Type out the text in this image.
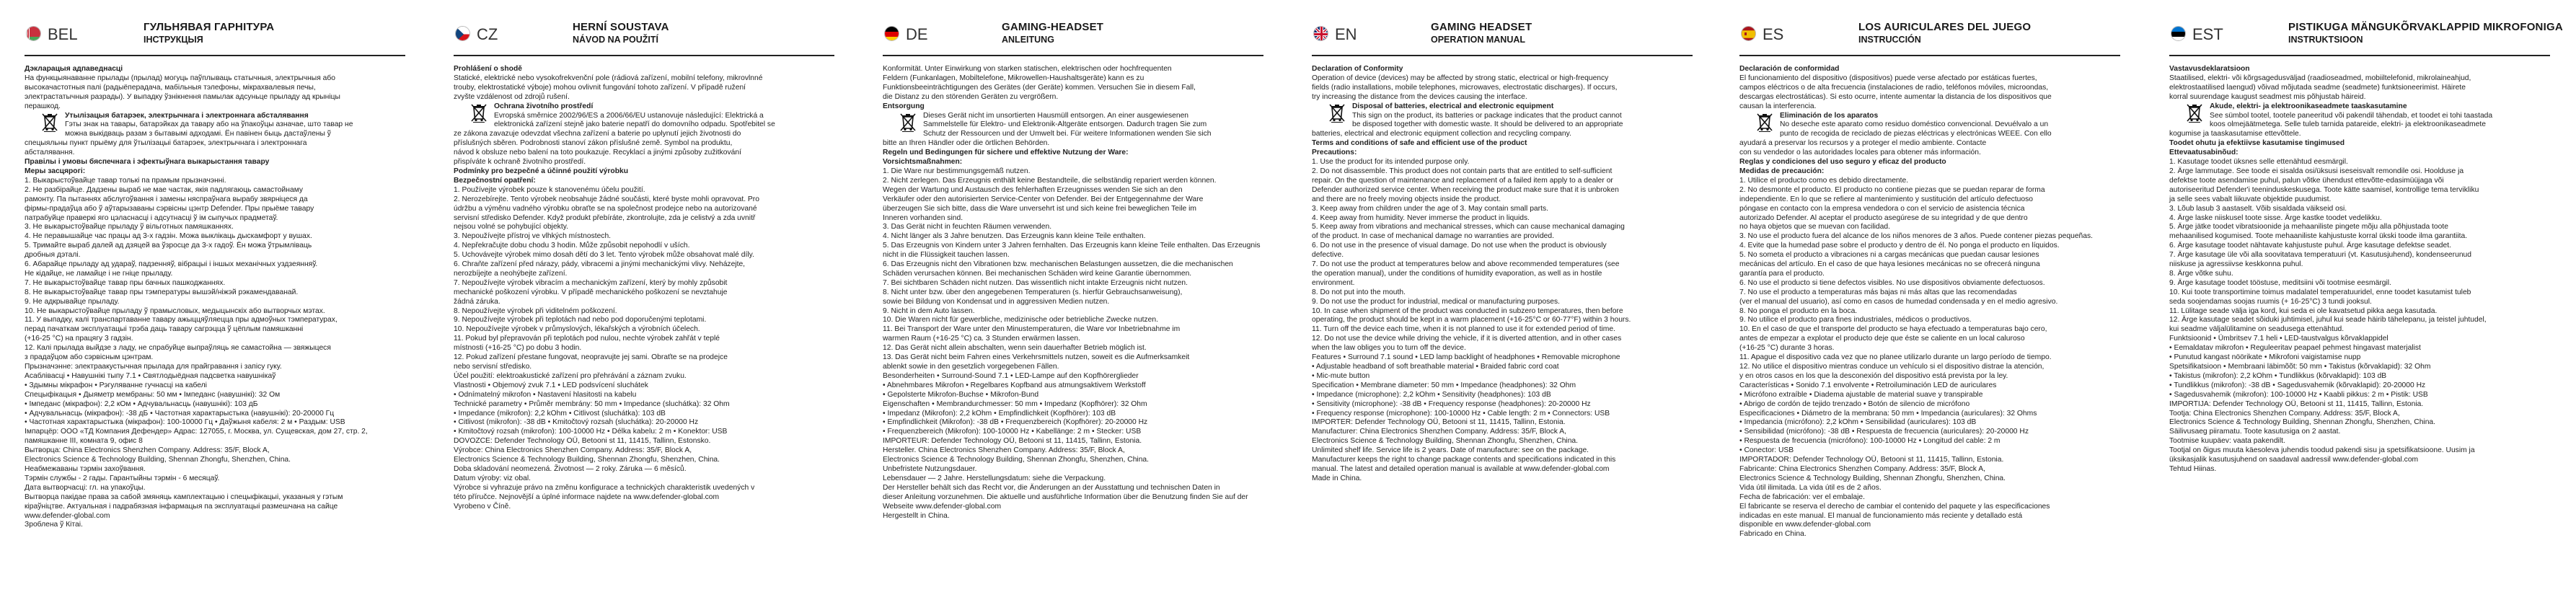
BEL	ГУЛЬНЯВАЯ ГАРНІТУРА
ІНСТРУКЦЫЯ
Дэкларацыя адпаведнасці
На функцыянаванне прылады (прылад) могуць паўплываць статычныя, электрычныя або
высокачастотныя палі (радыёперадача, мабільныя тэлефоны, мікрахвалевыя печы,
электрастатычныя разрады). У выпадку ўзнікнення памылак адсуньце прыладу ад крыніцы
перашкод.
Утылізацыя батарэек, электрычнага і электроннага абсталявання
Гэты знак на тавары, батарэйках да тавару або на ўпакоўцы азначае, што тавар не
можна выкідваць разам з бытавымі адходамі. Ён павінен быць дастаўлены ў
спецыяльны пункт прыёму для ўтылізацыі батарэек, электрычнага і электроннага
абсталявання.
Правілы і умовы бяспечнага і эфектыўнага выкарыстання тавару
Меры засцярогі:
1. Выкарыстоўвайце тавар толькі па прамым прызначэнні.
2. Не разбірайце. Дадзены выраб не мае частак, якія падлягаюць самастойнаму
рамонту. Па пытаннях абслугоўвання і замены няспраўнага вырабу звярніцеся да
фірмы-прадаўца або ў аўтарызаваны сэрвісны цэнтр Defender. Пры прыёме тавару
патрабуйце праверкі яго цэласнасці і адсутнасці ў ім сыпучых прадметаў.
3. Не выкарыстоўвайце прыладу ў вільготных памяшканнях.
4. Не перавышайце час працы ад 3-х гадзін. Можа выклікаць дыскамфорт у вушах.
5. Тримайте выраб далей ад дзяцей ва ўзросце да 3-х гадоў. Ён можа ўтрымліваць
дробныя дэталі.
6. Абарайце прыладу ад удараў, падзенняў, вібрацыі і іншых механічных уздзеянняў.
Не кідайце, не ламайце і не гніце прыладу.
7. Не выкарыстоўвайце тавар пры бачных пашкоджаннях.
8. Не выкарыстоўвайце тавар пры тэмпературы вышэй/ніжэй рэкамендаванай.
9. Не адкрывайце прыладу.
10. Не выкарыстоўвайце прыладу ў прамысловых, медыцынскіх або вытворчых мэтах.
11. У выпадку, калі транспартаванне тавару ажыццяўляецца пры адмоўных тэмпературах,
перад пачаткам эксплуатацыі трэба даць тавару сагрэцца ў цёплым памяшканні
(+16-25 °C) на працягу 3 гадзін.
12. Калі прылада выйдзе з ладу, не спрабуйце выпраўляць яе самастойна — звяжыцеся
з прадаўцом або сэрвісным цэнтрам.
Прызначэнне: электраакустычная прылада для прайгравання і запісу гуку.
Асаблівасці • Навушнікі тыпу 7.1 • Святлодыёдная падсветка навушнікаў
• Здымны мікрафон • Рэгуляванне гучнасці на кабелі
Спецыфікацыя • Дыяметр мембраны: 50 мм • Імпеданс (навушнікі): 32 Ом
• Імпеданс (мікрафон): 2,2 кОм • Адчувальнасць (навушнікі): 103 дБ
• Адчувальнасць (мікрафон): -38 дБ • Частотная характарыстыка (навушнікі): 20-20000 Гц
• Частотная характарыстыка (мікрафон): 100-10000 Гц • Даўжыня кабеля: 2 м • Раздым: USB
Імпарцёр: ООО «ТД Компания Дефендер» Адрас: 127055, г. Москва, ул. Сущевская, дом 27, стр. 2,
памяшканне III, комната 9, офис 8
Вытворца: China Electronics Shenzhen Company. Address: 35/F, Block A,
Electronics Science & Technology Building, Shennan Zhongfu, Shenzhen, China.
Неабмежаваны тэрмін захоўвання.
Тэрмін службы - 2 гады. Гарантыйны тэрмін - 6 месяцаў.
Дата вытворчасці: гл. на упакоўцы.
Вытворца пакідае права за сабой змяняць камплектацыю і спецыфікацыі, указаныя у гэтым
кіраўніцтве. Актуальная і падрабязная інфармацыя па эксплуатацыі размешчана на сайце
www.defender-global.com
Зроблена ў Кітаі.
CZ	HERNÍ SOUSTAVA
NÁVOD NA POUŽITÍ
Prohlášení o shodě
Statické, elektrické nebo vysokofrekvenční pole (rádiová zařízení, mobilní telefony, mikrovlnné
trouby, elektrostatické výboje) mohou ovlivnit fungování tohoto zařízení. V případě ružení
zvyšte vzdálenost od zdrojů rušení.
Ochrana životního prostředí
Evropská směrnice 2002/96/ES a 2006/66/EU ustanovuje následující: Elektrická a
elektronická zařízení stejně jako baterie nepatří do domovního odpadu. Spotřebitel se
ze zákona zavazuje odevzdat všechna zařízení a baterie po uplynutí jejich životnosti do
příslušných sběren. Podrobnosti stanoví zákon příslušné země. Symbol na produktu,
návod k obsluze nebo balení na toto poukazuje. Recyklací a jinými způsoby zužitkování
přispíváte k ochraně životního prostředí.
Podmínky pro bezpečné a účinné použití výrobku
Bezpečnostní opatření:
1. Používejte výrobek pouze k stanovenému účelu použití.
2. Nerozebírejte. Tento výrobek neobsahuje žádné součásti, které byste mohli opravovat. Pro
údržbu a výměnu vadného výrobku obraťte se na společnost prodejce nebo na autorizované
servisní středisko Defender. Když produkt přebíráte, zkontrolujte, zda je celistvý a zda uvnitř
nejsou volné se pohybující objekty.
3. Nepoužívejte přístroj ve vlhkých místnostech.
4. Nepřekračujte dobu chodu 3 hodin. Může způsobit nepohodlí v uších.
5. Uchovávejte výrobek mimo dosah dětí do 3 let. Tento výrobek může obsahovat malé díly.
6. Chraňte zařízení před nárazy, pády, vibracemi a jinými mechanickými vlivy. Neházejte,
nerozbíjejte a neohýbejte zařízení.
7. Nepoužívejte výrobek vibracím a mechanickým zařízení, který by mohly způsobit
mechanické poškození výrobku. V případě mechanického poškození se nevztahuje
žádná záruka.
8. Nepoužívejte výrobek při viditelném poškození.
9. Nepoužívejte výrobek při teplotách nad nebo pod doporučenými teplotami.
10. Nepoužívejte výrobek v průmyslových, lékařských a výrobních účelech.
11. Pokud byl přepravován při teplotách pod nulou, nechte výrobek zahřát v teplé
místnosti (+16-25 °C) po dobu 3 hodin.
12. Pokud zařízení přestane fungovat, neopravujte jej sami. Obraťte se na prodejce
nebo servisní středisko.
Účel použití: elektroakustické zařízení pro přehrávání a záznam zvuku.
Vlastnosti • Objemový zvuk 7.1 • LED podsvícení sluchátek
• Odnímatelný mikrofon • Nastavení hlasitosti na kabelu
Technické parametry • Průměr membrány: 50 mm • Impedance (sluchátka): 32 Ohm
• Impedance (mikrofon): 2,2 kOhm • Citlivost (sluchátka): 103 dB
• Citlivost (mikrofon): -38 dB • Kmitočtový rozsah (sluchátka): 20-20000 Hz
• Kmitočtový rozsah (mikrofon): 100-10000 Hz • Délka kabelu: 2 m • Konektor: USB
DOVOZCE: Defender Technology OÜ, Betooni st 11, 11415, Tallinn, Estonsko.
Výrobce: China Electronics Shenzhen Company. Address: 35/F, Block A,
Electronics Science & Technology Building, Shennan Zhongfu, Shenzhen, China.
Doba skladování neomezená. Životnost — 2 roky. Záruka — 6 měsíců.
Datum výroby: viz obal.
Výrobce si vyhrazuje právo na změnu konfigurace a technických charakteristik uvedených v
této příručce. Nejnovější a úplné informace najdete na www.defender-global.com
Vyrobeno v Číně.
DE	GAMING-HEADSET
ANLEITUNG
Konformität. Unter Einwirkung von starken statischen, elektrischen oder hochfrequenten
Feldern (Funkanlagen, Mobiltelefone, Mikrowellen-Haushaltsgeräte) kann es zu
Funktionsbeeinträchtigungen des Gerätes (der Geräte) kommen. Versuchen Sie in diesem Fall,
die Distanz zu den störenden Geräten zu vergrößern.
Entsorgung
Dieses Gerät nicht im unsortierten Hausmüll entsorgen. An einer ausgewiesenen
Sammelstelle für Elektro- und Elektronik-Altgeräte entsorgen. Dadurch tragen Sie zum
Schutz der Ressourcen und der Umwelt bei. Für weitere Informationen wenden Sie sich
bitte an Ihren Händler oder die örtlichen Behörden.
Regeln und Bedingungen für sichere und effektive Nutzung der Ware:
Vorsichtsmaßnahmen:
1. Die Ware nur bestimmungsgemäß nutzen.
2. Nicht zerlegen. Das Erzeugnis enthält keine Bestandteile, die selbständig repariert werden können.
Wegen der Wartung und Austausch des fehlerhaften Erzeugnisses wenden Sie sich an den
Verkäufer oder den autorisierten Service-Center von Defender. Bei der Entgegennahme der Ware
überzeugen Sie sich bitte, dass die Ware unversehrt ist und sich keine frei beweglichen Teile im
Inneren vorhanden sind.
3. Das Gerät nicht in feuchten Räumen verwenden.
4. Nicht länger als 3 Jahre benutzen. Das Erzeugnis kann kleine Teile enthalten.
5. Das Erzeugnis von Kindern unter 3 Jahren fernhalten. Das Erzeugnis kann kleine Teile enthalten. Das Erzeugnis
nicht in die Flüssigkeit tauchen lassen.
6. Das Erzeugnis nicht den Vibrationen bzw. mechanischen Belastungen aussetzen, die die mechanischen
Schäden verursachen können. Bei mechanischen Schäden wird keine Garantie übernommen.
7. Bei sichtbaren Schäden nicht nutzen. Das wissentlich nicht intakte Erzeugnis nicht nutzen.
8. Nicht unter bzw. über den angegebenen Temperaturen (s. hierfür Gebrauchsanweisung),
sowie bei Bildung von Kondensat und in aggressiven Medien nutzen.
9. Nicht in dem Auto lassen.
10. Die Waren nicht für gewerbliche, medizinische oder betriebliche Zwecke nutzen.
11. Bei Transport der Ware unter den Minustemperaturen, die Ware vor Inbetriebnahme im
warmen Raum (+16-25 °C) ca. 3 Stunden erwärmen lassen.
12. Das Gerät nicht allein abschalten, wenn sein dauerhafter Betrieb möglich ist.
13. Das Gerät nicht beim Fahren eines Verkehrsmittels nutzen, soweit es die Aufmerksamkeit
ablenkt sowie in den gesetzlich vorgegebenen Fällen.
Besonderheiten • Surround-Sound 7.1 • LED-Lampe auf den Kopfhörerglieder
• Abnehmbares Mikrofon • Regelbares Kopfband aus atmungsaktivem Werkstoff
• Gepolsterte Mikrofon-Buchse • Mikrofon-Bund
Eigenschaften • Membrandurchmesser: 50 mm • Impedanz (Kopfhörer): 32 Ohm
• Impedanz (Mikrofon): 2,2 kOhm • Empfindlichkeit (Kopfhörer): 103 dB
• Empfindlichkeit (Mikrofon): -38 dB • Frequenzbereich (Kopfhörer): 20-20000 Hz
• Frequenzbereich (Mikrofon): 100-10000 Hz • Kabellänge: 2 m • Stecker: USB
IMPORTEUR: Defender Technology OÜ, Betooni st 11, 11415, Tallinn, Estonia.
Hersteller. China Electronics Shenzhen Company. Address: 35/F, Block A,
Electronics Science & Technology Building, Shennan Zhongfu, Shenzhen, China.
Unbefristete Nutzungsdauer.
Lebensdauer — 2 Jahre. Herstellungsdatum: siehe die Verpackung.
Der Hersteller behält sich das Recht vor, die Änderungen an der Ausstattung und technischen Daten in
dieser Anleitung vorzunehmen. Die aktuelle und ausführliche Information über die Benutzung finden Sie auf der
Webseite www.defender-global.com
Hergestellt in China.
EN	GAMING HEADSET
OPERATION MANUAL
Declaration of Conformity
Operation of device (devices) may be affected by strong static, electrical or high-frequency
fields (radio installations, mobile telephones, microwaves, electrostatic discharges). If occurs,
try increasing the distance from the devices causing the interface.
Disposal of batteries, electrical and electronic equipment
This sign on the product, its batteries or package indicates that the product cannot
be disposed together with domestic waste. It should be delivered to an appropriate
batteries, electrical and electronic equipment collection and recycling company.
Terms and conditions of safe and efficient use of the product
Precautions:
1. Use the product for its intended purpose only.
2. Do not disassemble. This product does not contain parts that are entitled to self-sufficient
repair. On the question of maintenance and replacement of a failed item apply to a dealer or
Defender authorized service center. When receiving the product make sure that it is unbroken
and there are no freely moving objects inside the product.
3. Keep away from children under the age of 3. May contain small parts.
4. Keep away from humidity. Never immerse the product in liquids.
5. Keep away from vibrations and mechanical stresses, which can cause mechanical damaging
of the product. In case of mechanical damage no warranties are provided.
6. Do not use in the presence of visual damage. Do not use when the product is obviously
defective.
7. Do not use the product at temperatures below and above recommended temperatures (see
the operation manual), under the conditions of humidity evaporation, as well as in hostile
environment.
8. Do not put into the mouth.
9. Do not use the product for industrial, medical or manufacturing purposes.
10. In case when shipment of the product was conducted in subzero temperatures, then before
operating, the product should be kept in a warm placement (+16-25°C or 60-77°F) within 3 hours.
11. Turn off the device each time, when it is not planned to use it for extended period of time.
12. Do not use the device while driving the vehicle, if it is diverted attention, and in other cases
when the law obliges you to turn off the device.
Features • Surround 7.1 sound • LED lamp backlight of headphones • Removable microphone
• Adjustable headband of soft breathable material • Braided fabric cord coat
• Mic-mute button
Specification • Membrane diameter: 50 mm • Impedance (headphones): 32 Ohm
• Impedance (microphone): 2,2 kOhm • Sensitivity (headphones): 103 dB
• Sensitivity (microphone): -38 dB • Frequency response (headphones): 20-20000 Hz
• Frequency response (microphone): 100-10000 Hz • Cable length: 2 m • Connectors: USB
IMPORTER: Defender Technology OÜ, Betooni st 11, 11415, Tallinn, Estonia.
Manufacturer: China Electronics Shenzhen Company. Address: 35/F, Block A,
Electronics Science & Technology Building, Shennan Zhongfu, Shenzhen, China.
Unlimited shelf life. Service life is 2 years. Date of manufacture: see on the package.
Manufacturer keeps the right to change package contents and specifications indicated in this
manual. The latest and detailed operation manual is available at www.defender-global.com
Made in China.
ES	LOS AURICULARES DEL JUEGO
INSTRUCCIÓN
Declaración de conformidad
El funcionamiento del dispositivo (dispositivos) puede verse afectado por estáticas fuertes,
campos eléctricos o de alta frecuencia (instalaciones de radio, teléfonos móviles, microondas,
descargas electrostáticas). Si esto ocurre, intente aumentar la distancia de los dispositivos que
causan la interferencia.
Eliminación de los aparatos
No deseche este aparato como residuo doméstico convencional. Devuélvalo a un
punto de recogida de reciclado de piezas eléctricas y electrónicas WEEE. Con ello
ayudará a preservar los recursos y a proteger el medio ambiente. Contacte
con su vendedor o las autoridades locales para obtener más información.
Reglas y condiciones del uso seguro y eficaz del producto
Medidas de precaución:
1. Utilice el producto como es debido directamente.
2. No desmonte el producto. El producto no contiene piezas que se puedan reparar de forma
independiente. En lo que se refiere al mantenimiento y sustitución del artículo defectuoso
póngase en contacto con la empresa vendedora o con el servicio de asistencia técnica
autorizado Defender. Al aceptar el producto asegúrese de su integridad y de que dentro
no haya objetos que se muevan con facilidad.
3. No use el producto fuera del alcance de los niños menores de 3 años. Puede contener piezas pequeñas.
4. Evite que la humedad pase sobre el producto y dentro de él. No ponga el producto en líquidos.
5. No someta el producto a vibraciones ni a cargas mecánicas que puedan causar lesiones
mecánicas del artículo. En el caso de que haya lesiones mecánicas no se ofrecerá ninguna
garantía para el producto.
6. No use el producto si tiene defectos visibles. No use dispositivos obviamente defectuosos.
7. No use el producto a temperaturas más bajas ni más altas que las recomendadas
(ver el manual del usuario), así como en casos de humedad condensada y en el medio agresivo.
8. No ponga el producto en la boca.
9. No utilice el producto para fines industriales, médicos o productivos.
10. En el caso de que el transporte del producto se haya efectuado a temperaturas bajo cero,
antes de empezar a explotar el producto deje que éste se caliente en un local caluroso
(+16-25 °C) durante 3 horas.
11. Apague el dispositivo cada vez que no planee utilizarlo durante un largo período de tiempo.
12. No utilice el dispositivo mientras conduce un vehículo si el dispositivo distrae la atención,
y en otros casos en los que la desconexión del dispositivo está prevista por la ley.
Características • Sonido 7.1 envolvente • Retroiluminación LED de auriculares
• Micrófono extraíble • Diadema ajustable de material suave y transpirable
• Abrigo de cordón de tejido trenzado • Botón de silencio de micrófono
Especificaciones • Diámetro de la membrana: 50 mm • Impedancia (auriculares): 32 Ohms
• Impedancia (micrófono): 2,2 kOhm • Sensibilidad (auriculares): 103 dB
• Sensibilidad (micrófono): -38 dB • Respuesta de frecuencia (auriculares): 20-20000 Hz
• Respuesta de frecuencia (micrófono): 100-10000 Hz • Longitud del cable: 2 m
• Conector: USB
IMPORTADOR: Defender Technology OÜ, Betooni st 11, 11415, Tallinn, Estonia.
Fabricante: China Electronics Shenzhen Company. Address: 35/F, Block A,
Electronics Science & Technology Building, Shennan Zhongfu, Shenzhen, China.
Vida útil ilimitada. La vida útil es de 2 años.
Fecha de fabricación: ver el embalaje.
El fabricante se reserva el derecho de cambiar el contenido del paquete y las especificaciones
indicadas en este manual. El manual de funcionamiento más reciente y detallado está
disponible en www.defender-global.com
Fabricado en China.
EST	PISTIKUGA MÄNGUKÕRVAKLAPPID MIKROFONIGA
INSTRUKTSIOON
Vastavusdeklaratsioon
Staatilised, elektri- või kõrgsagedusväljad (raadioseadmed, mobiiltelefonid, mikrolaineahjud,
elektrostaatilised laengud) võivad mõjutada seadme (seadmete) funktsioneerimist. Häirete
korral suurendage kaugust seadmest mis põhjustab häireid.
Akude, elektri- ja elektroonikaseadmete taaskasutamine
See sümbol tootel, tootele paneeritud või pakendil tähendab, et toodet ei tohi taastada
koos olmejäätmetega. Selle tuleb tarnida patareide, elektri- ja elektroonikaseadmete
kogumise ja taaskasutamise ettevõttele.
Toodet ohutu ja efektiivse kasutamise tingimused
Ettevaatusabinõud:
1. Kasutage toodet üksnes selle ettenähtud eesmärgil.
2. Ärge lammutage. See toode ei sisalda osi/üksusi iseseisvalt remondile osi. Hoolduse ja
defektse toote asendamise puhul, palun võtke ühendust ettevõtte-edasimüüjaga või
autoriseeritud Defender'i teeninduskeskusega. Toote kätte saamisel, kontrollige tema tervikliku
ja selle sees vabalt liikuvate objektide puudumist.
3. Lõub lasub 3 aastaselt. Võib sisaldada väikseid osi.
4. Ärge laske niiskusel toote sisse. Ärge kastke toodet vedelikku.
5. Ärge jätke toodet vibratsioonide ja mehaaniliste pingete mõju alla põhjustada toote
mehaanilised kogumised. Toote mehaaniliste kahjustuste korral ükski toode ilma garantiita.
6. Ärge kasutage toodet nähtavate kahjustuste puhul. Ärge kasutage defektse seadet.
7. Ärge kasutage üle või alla soovitatava temperatuuri (vt. Kasutusjuhend), kondenseerunud
niiskuse ja agressiivse keskkonna puhul.
8. Ärge võtke suhu.
9. Ärge kasutage toodet tööstuse, meditsiini või tootmise eesmärgil.
10. Kui toote transportimine toimus madalatel temperatuuridel, enne toodet kasutamist tuleb
seda soojendamas soojas ruumis (+ 16-25°C) 3 tundi jooksul.
11. Lülitage seade välja iga kord, kui seda ei ole kavatsetud pikka aega kasutada.
12. Ärge kasutage seadet sõiduki juhtimisel, juhul kui seade häirib tähelepanu, ja teistel juhtudel,
kui seadme väljalülitamine on seadusega ettenähtud.
Funktsioonid • Ümbritsev 7.1 heli • LED-taustvalgus kõrvaklappidel
• Eemaldatav mikrofon • Reguleeritav peapael pehmest hingavast materjalist
• Punutud kangast nöörikate • Mikrofoni vaigistamise nupp
Spetsifikatsioon • Membraani läbimõõt: 50 mm • Takistus (kõrvaklapid): 32 Ohm
• Takistus (mikrofon): 2,2 kOhm • Tundlikkus (kõrvaklapid): 103 dB
• Tundlikkus (mikrofon): -38 dB • Sagedusvahemik (kõrvaklapid): 20-20000 Hz
• Sagedusvahemik (mikrofon): 100-10000 Hz • Kaabli pikkus: 2 m • Pistik: USB
IMPORTIJA: Defender Technology OÜ, Betooni st 11, 11415, Tallinn, Estonia.
Tootja: China Electronics Shenzhen Company. Address: 35/F, Block A,
Electronics Science & Technology Building, Shennan Zhongfu, Shenzhen, China.
Säilivusaeg piiramatu. Toote kasutusiga on 2 aastat.
Tootmise kuupäev: vaata pakendilt.
Tootjal on õigus muuta käesoleva juhendis toodud pakendi sisu ja spetsifikatsioone. Uusim ja
üksikasjalik kasutusjuhend on saadaval aadressil www.defender-global.com
Tehtud Hiinas.
